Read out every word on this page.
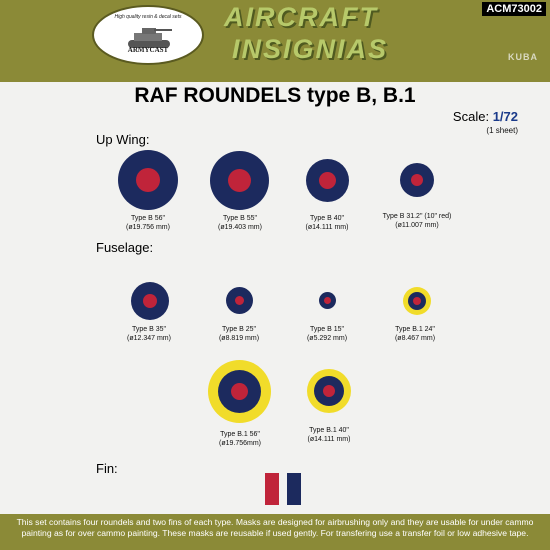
High quality resin & decal sets
ARMYCAST
AIRCRAFT
INSIGNIAS
ACM73002
KUBA
RAF ROUNDELS type B, B.1
Scale: 1/72
(1 sheet)
Up Wing:
Fuselage:
Fin:
Type B 56"
(ø19.756 mm)
Type B 55"
(ø19.403 mm)
Type B 40"
(ø14.111 mm)
Type B 31.2" (10" red)
(ø11.007 mm)
Type B 35"
(ø12.347 mm)
Type B 25"
(ø8.819 mm)
Type B 15"
(ø5.292 mm)
Type B.1 24"
(ø8.467 mm)
Type B.1 56"
(ø19.756mm)
Type B.1 40"
(ø14.111 mm)
This set contains four roundels and two fins of each type. Masks are designed for airbrushing only and they are usable for under cammo painting as for over cammo painting. These masks are reusable if used gently. For transfering use a transfer foil or low adhesive tape.
